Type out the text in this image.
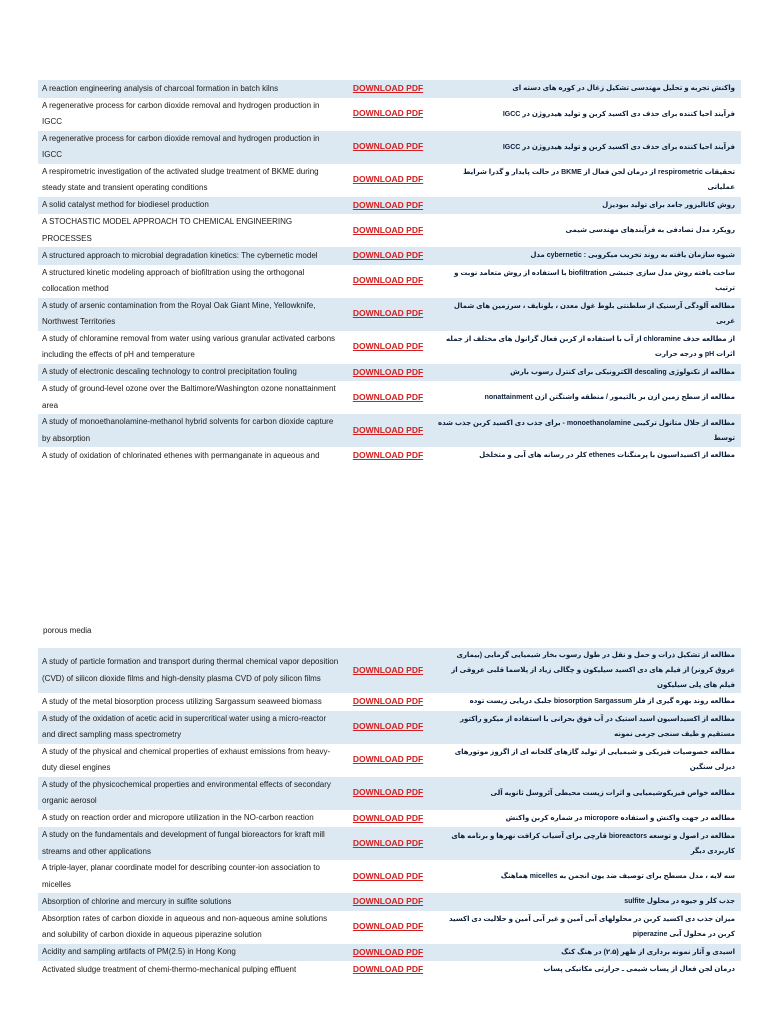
A reaction engineering analysis of charcoal formation in batch kilns	DOWNLOAD PDF	واکنش تجربه و تحلیل مهندسی تشکیل زغال در کوره های دسته ای
A regenerative process for carbon dioxide removal and hydrogen production in IGCC	DOWNLOAD PDF	فرآیند احیا کننده برای حذف دی اکسید کربن و تولید هیدروژن در IGCC
A regenerative process for carbon dioxide removal and hydrogen production in IGCC	DOWNLOAD PDF	فرآیند احیا کننده برای حذف دی اکسید کربن و تولید هیدروژن در IGCC
A respirometric investigation of the activated sludge treatment of BKME during steady state and transient operating conditions	DOWNLOAD PDF	تحقیقات respirometric از درمان لجن فعال از BKME در حالت پایدار و گذرا شرایط عملیاتی
A solid catalyst method for biodiesel production	DOWNLOAD PDF	روش کاتالیزور جامد برای تولید بیودیزل
A STOCHASTIC MODEL APPROACH TO CHEMICAL ENGINEERING PROCESSES	DOWNLOAD PDF	رویکرد مدل تصادفی به فرآیندهای مهندسی شیمی
A structured approach to microbial degradation kinetics: The cybernetic model	DOWNLOAD PDF	شیوه سازمان یافته به روند تخریب میکروبی : cybernetic مدل
A structured kinetic modeling approach of biofiltration using the orthogonal collocation method	DOWNLOAD PDF	ساخت یافته روش مدل سازی جنبشی biofiltration با استفاده از روش متعامد نوبت و ترتیب
A study of arsenic contamination from the Royal Oak Giant Mine, Yellowknife, Northwest Territories	DOWNLOAD PDF	مطالعه آلودگی آرسنیک از سلطنتی بلوط غول معدن ، یلونایف ، سرزمین های شمال غربی
A study of chloramine removal from water using various granular activated carbons including the effects of pH and temperature	DOWNLOAD PDF	از مطالعه حذف chloramine از آب با استفاده از کربن فعال گرانول های مختلف از جمله اثرات pH و درجه حرارت
A study of electronic descaling technology to control precipitation fouling	DOWNLOAD PDF	مطالعه از تکنولوژی descaling الکترونیکی برای کنترل رسوب بارش
A study of ground-level ozone over the Baltimore/Washington ozone nonattainment area	DOWNLOAD PDF	مطالعه از سطح زمین ازن بر بالتیمور / منطقه واشنگتن ازن nonattainment
A study of monoethanolamine-methanol hybrid solvents for carbon dioxide capture by absorption	DOWNLOAD PDF	مطالعه از حلال متانول ترکیبی monoethanolamine - برای جذب دی اکسید کربن جذب شده توسط
A study of oxidation of chlorinated ethenes with permanganate in aqueous and	DOWNLOAD PDF	مطالعه از اکسیداسیون با پرمنگنات ethenes کلر در رسانه های آبی و متخلخل
porous media
A study of particle formation and transport during thermal chemical vapor deposition (CVD) of silicon dioxide films and high-density plasma CVD of poly silicon films	DOWNLOAD PDF	مطالعه از تشکیل ذرات و حمل و نقل در طول رسوب بخار شیمیایی گرمایی (بیماری عروق کرونر) از فیلم های دی اکسید سیلیکون و چگالی زیاد از پلاسما قلبی عروقی از فیلم های پلی سیلیکون
A study of the metal biosorption process utilizing Sargassum seaweed biomass	DOWNLOAD PDF	مطالعه روند بهره گیری از فلز biosorption Sargassum جلبک دریایی زیست توده
A study of the oxidation of acetic acid in supercritical water using a micro-reactor and direct sampling mass spectrometry	DOWNLOAD PDF	مطالعه از اکسیداسیون اسید استیک در آب فوق بحرانی با استفاده از میکرو راکتور مستقیم و طیف سنجی جرمی نمونه
A study of the physical and chemical properties of exhaust emissions from heavy-duty diesel engines	DOWNLOAD PDF	مطالعه خصوصیات فیزیکی و شیمیایی از تولید گازهای گلخانه ای از اگزوز موتورهای دیزلی سنگین
A study of the physicochemical properties and environmental effects of secondary organic aerosol	DOWNLOAD PDF	مطالعه خواص فیزیکوشیمیایی و اثرات زیست محیطی آئروسل ثانویه آلی
A study on reaction order and micropore utilization in the NO-carbon reaction	DOWNLOAD PDF	مطالعه در جهت واکنش و استفاده micropore در شماره کربن واکنش
A study on the fundamentals and development of fungal bioreactors for kraft mill streams and other applications	DOWNLOAD PDF	مطالعه در اصول و توسعه bioreactors قارچی برای آسیاب کرافت نهرها و برنامه های کاربردی دیگر
A triple-layer, planar coordinate model for describing counter-ion association to micelles	DOWNLOAD PDF	سه لایه ، مدل مسطح برای توصیف ضد یون انجمن به micelles هماهنگ
Absorption of chlorine and mercury in sulfite solutions	DOWNLOAD PDF	جذب کلر و جیوه در محلول sulfite
Absorption rates of carbon dioxide in aqueous and non-aqueous amine solutions and solubility of carbon dioxide in aqueous piperazine solution	DOWNLOAD PDF	میزان جذب دی اکسید کربن در محلولهای آبی آمین و غیر آبی آمین و حلالیت دی اکسید کربن در محلول آبی piperazine
Acidity and sampling artifacts of PM(2.5) in Hong Kong	DOWNLOAD PDF	اسیدی و آثار نمونه برداری از ظهر (۲.۵) در هنگ کنگ
Activated sludge treatment of chemi-thermo-mechanical pulping effluent	DOWNLOAD PDF	درمان لجن فعال از پساب شیمی ـ حرارتی مکانیکی پساب
